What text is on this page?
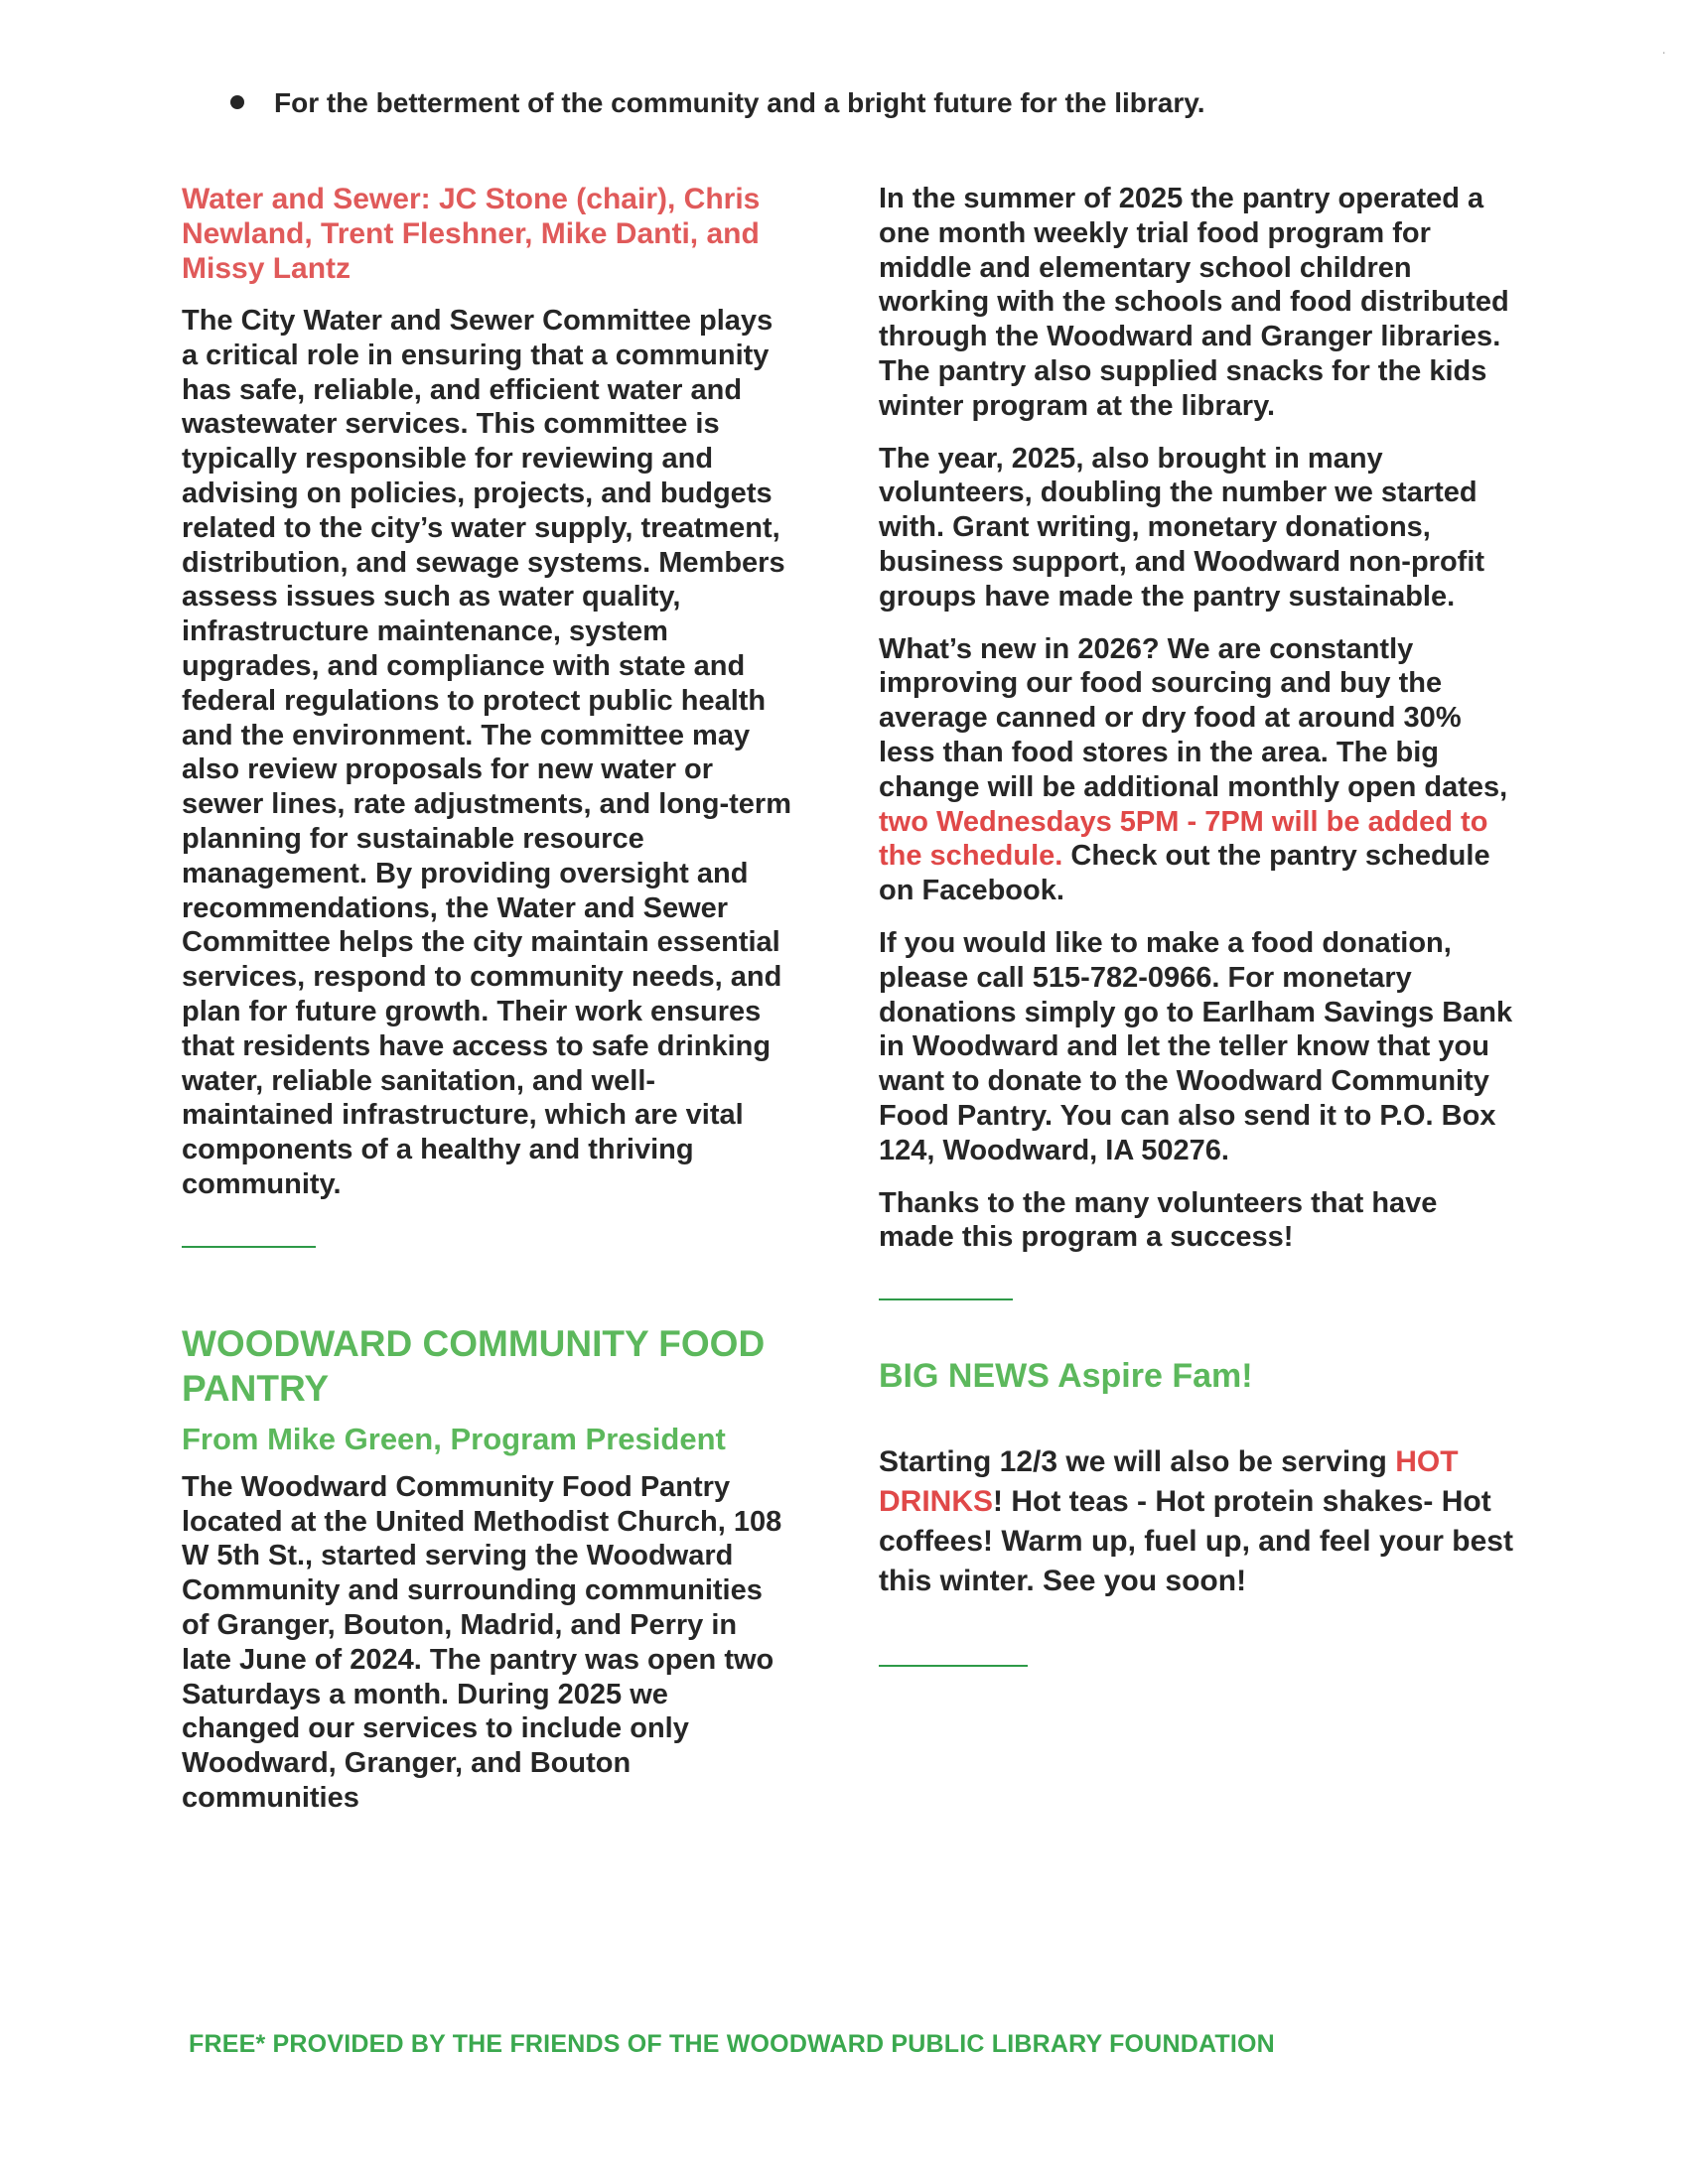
·
For the betterment of the community and a bright future for the library.

Water and Sewer: JC Stone (chair), Chris Newland, Trent Fleshner, Mike Danti, and Missy Lantz

The City Water and Sewer Committee plays a critical role in ensuring that a community has safe, reliable, and efficient water and wastewater services. This committee is typically responsible for reviewing and advising on policies, projects, and budgets related to the city’s water supply, treatment, distribution, and sewage systems. Members assess issues such as water quality, infrastructure maintenance, system upgrades, and compliance with state and federal regulations to protect public health and the environment. The committee may also review proposals for new water or sewer lines, rate adjustments, and long-term planning for sustainable resource management. By providing oversight and recommendations, the Water and Sewer Committee helps the city maintain essential services, respond to community needs, and plan for future growth. Their work ensures that residents have access to safe drinking water, reliable sanitation, and well-maintained infrastructure, which are vital components of a healthy and thriving community.

WOODWARD COMMUNITY FOOD PANTRY
From Mike Green, Program President

The Woodward Community Food Pantry located at the United Methodist Church, 108 W 5th St., started serving the Woodward Community and surrounding communities of Granger, Bouton, Madrid, and Perry in late June of 2024. The pantry was open two Saturdays a month. During 2025 we changed our services to include only Woodward, Granger, and Bouton communities

In the summer of 2025 the pantry operated a one month weekly trial food program for middle and elementary school children working with the schools and food distributed through the Woodward and Granger libraries. The pantry also supplied snacks for the kids winter program at the library.

The year, 2025, also brought in many volunteers, doubling the number we started with. Grant writing, monetary donations, business support, and Woodward non-profit groups have made the pantry sustainable.

What’s new in 2026? We are constantly improving our food sourcing and buy the average canned or dry food at around 30% less than food stores in the area. The big change will be additional monthly open dates, two Wednesdays 5PM - 7PM will be added to the schedule. Check out the pantry schedule on Facebook.

If you would like to make a food donation, please call 515-782-0966. For monetary donations simply go to Earlham Savings Bank in Woodward and let the teller know that you want to donate to the Woodward Community Food Pantry. You can also send it to P.O. Box 124, Woodward, IA 50276.

Thanks to the many volunteers that have made this program a success!

BIG NEWS Aspire Fam!

Starting 12/3 we will also be serving HOT DRINKS! Hot teas - Hot protein shakes- Hot coffees! Warm up, fuel up, and feel your best this winter. See you soon!

FREE* PROVIDED BY THE FRIENDS OF THE WOODWARD PUBLIC LIBRARY FOUNDATION
